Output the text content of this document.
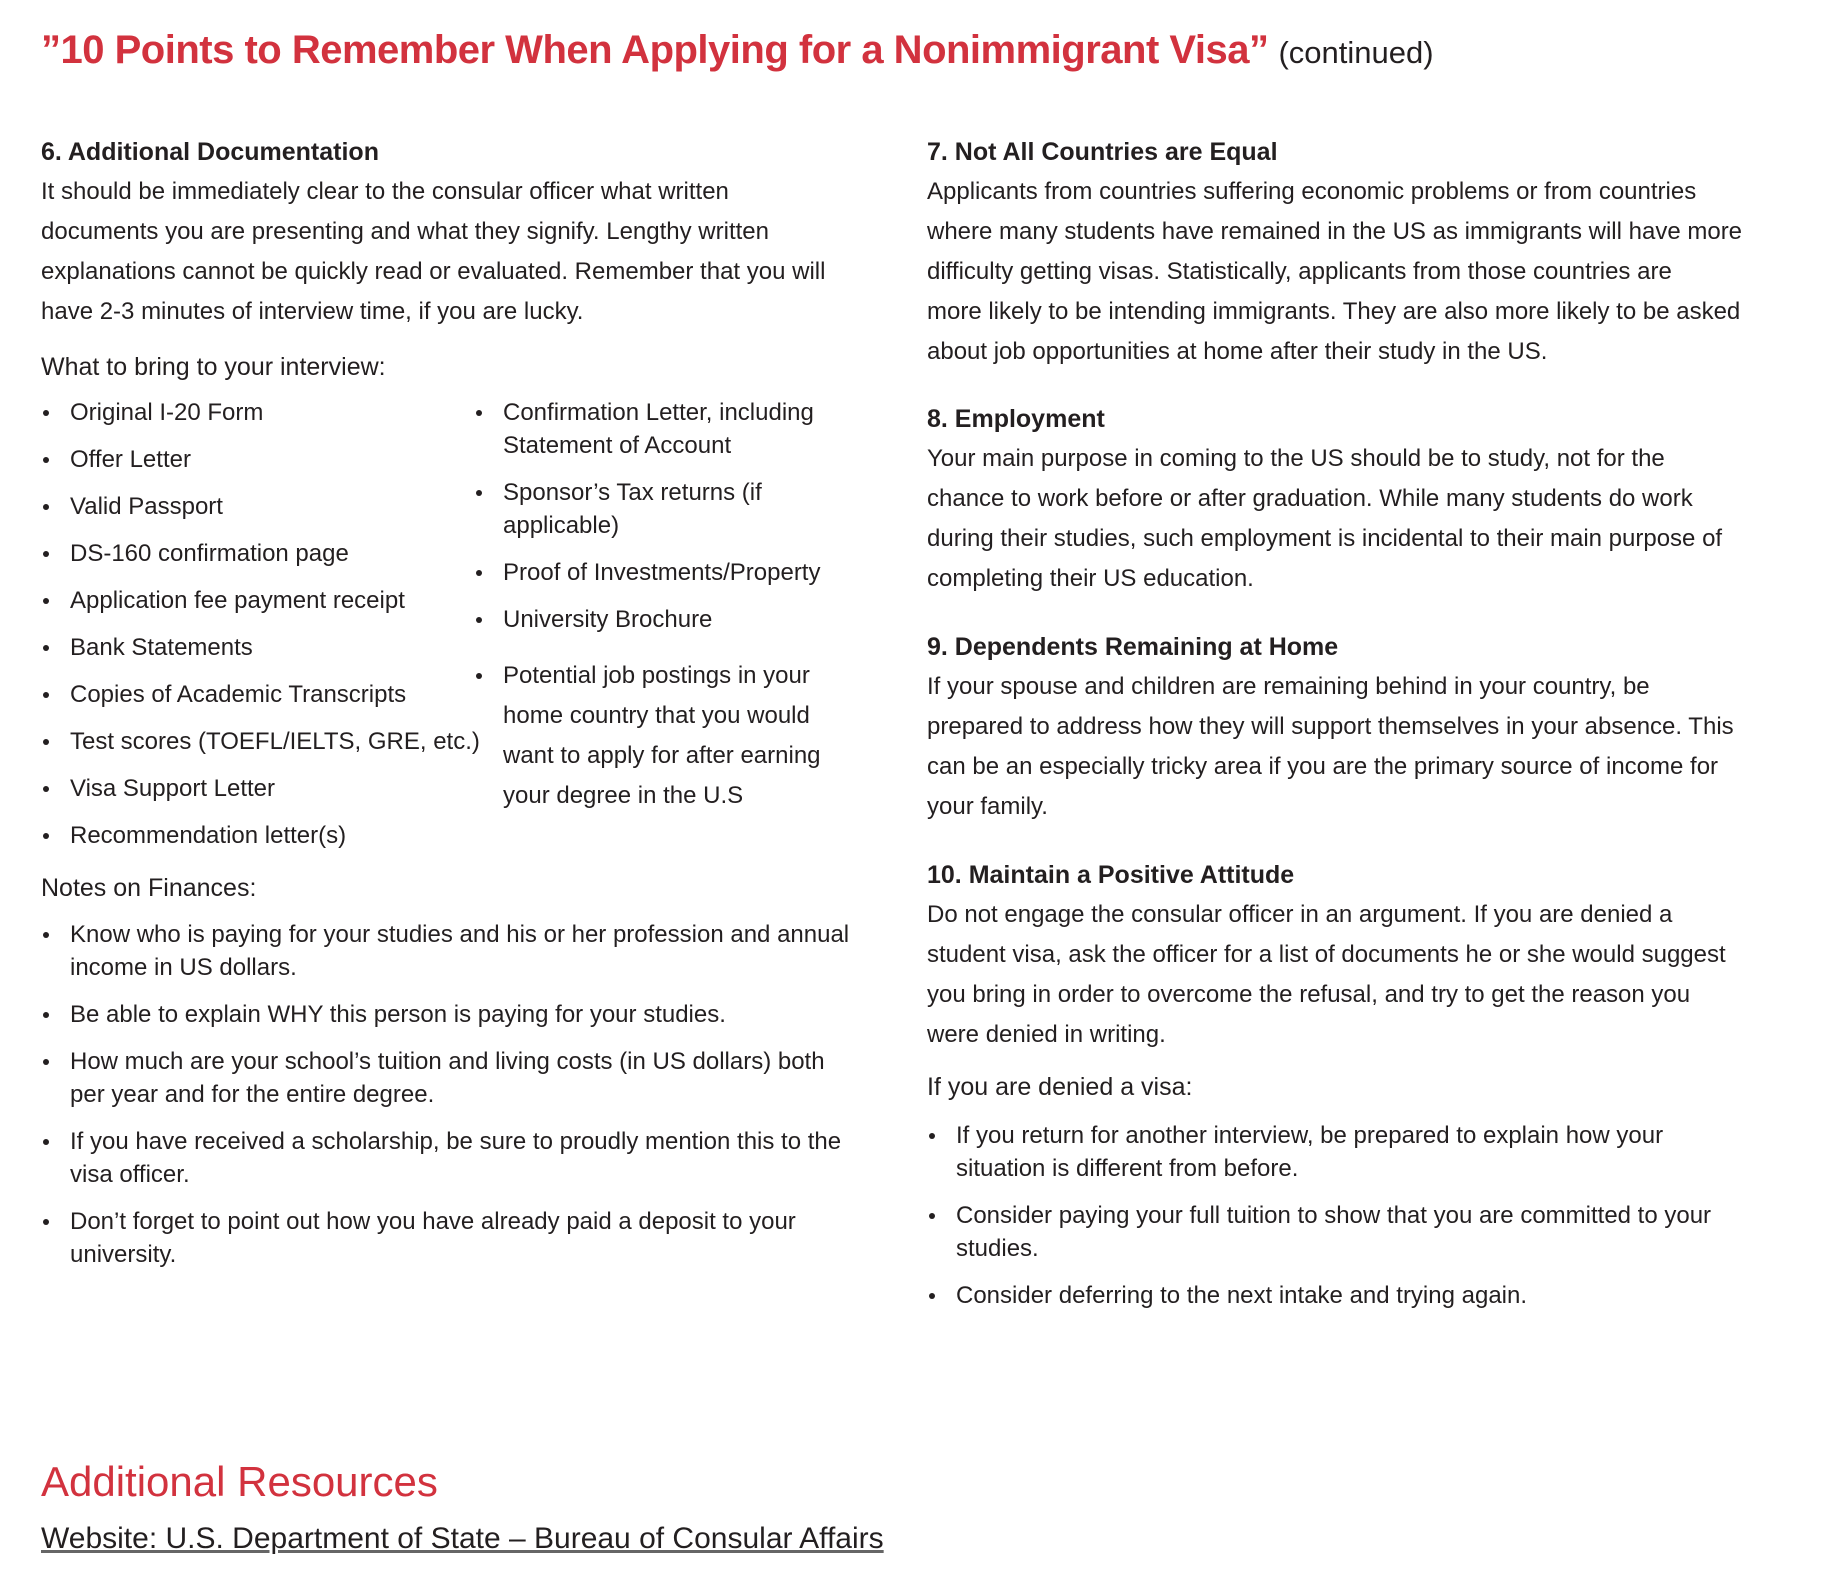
”10 Points to Remember When Applying for a Nonimmigrant Visa” (continued)
6. Additional Documentation
It should be immediately clear to the consular officer what written
documents you are presenting and what they signify. Lengthy written
explanations cannot be quickly read or evaluated. Remember that you will
have 2-3 minutes of interview time, if you are lucky.
What to bring to your interview:
Original I-20 Form
Offer Letter
Valid Passport
DS-160 confirmation page
Application fee payment receipt
Bank Statements
Copies of Academic Transcripts
Test scores (TOEFL/IELTS, GRE, etc.)
Visa Support Letter
Recommendation letter(s)
Confirmation Letter, including
Statement of Account
Sponsor’s Tax returns (if
applicable)
Proof of Investments/Property
University Brochure
Potential job postings in your
home country that you would
want to apply for after earning
your degree in the U.S
Notes on Finances:
Know who is paying for your studies and his or her profession and annual
income in US dollars.
Be able to explain WHY this person is paying for your studies.
How much are your school’s tuition and living costs (in US dollars) both
per year and for the entire degree.
If you have received a scholarship, be sure to proudly mention this to the
visa officer.
Don’t forget to point out how you have already paid a deposit to your
university.
7. Not All Countries are Equal
Applicants from countries suffering economic problems or from countries
where many students have remained in the US as immigrants will have more
difficulty getting visas. Statistically, applicants from those countries are
more likely to be intending immigrants. They are also more likely to be asked
about job opportunities at home after their study in the US.
8. Employment
Your main purpose in coming to the US should be to study, not for the
chance to work before or after graduation. While many students do work
during their studies, such employment is incidental to their main purpose of
completing their US education.
9. Dependents Remaining at Home
If your spouse and children are remaining behind in your country, be
prepared to address how they will support themselves in your absence. This
can be an especially tricky area if you are the primary source of income for
your family.
10. Maintain a Positive Attitude
Do not engage the consular officer in an argument. If you are denied a
student visa, ask the officer for a list of documents he or she would suggest
you bring in order to overcome the refusal, and try to get the reason you
were denied in writing.
If you are denied a visa:
If you return for another interview, be prepared to explain how your
situation is different from before.
Consider paying your full tuition to show that you are committed to your
studies.
Consider deferring to the next intake and trying again.
Additional Resources
Website: U.S. Department of State – Bureau of Consular Affairs
